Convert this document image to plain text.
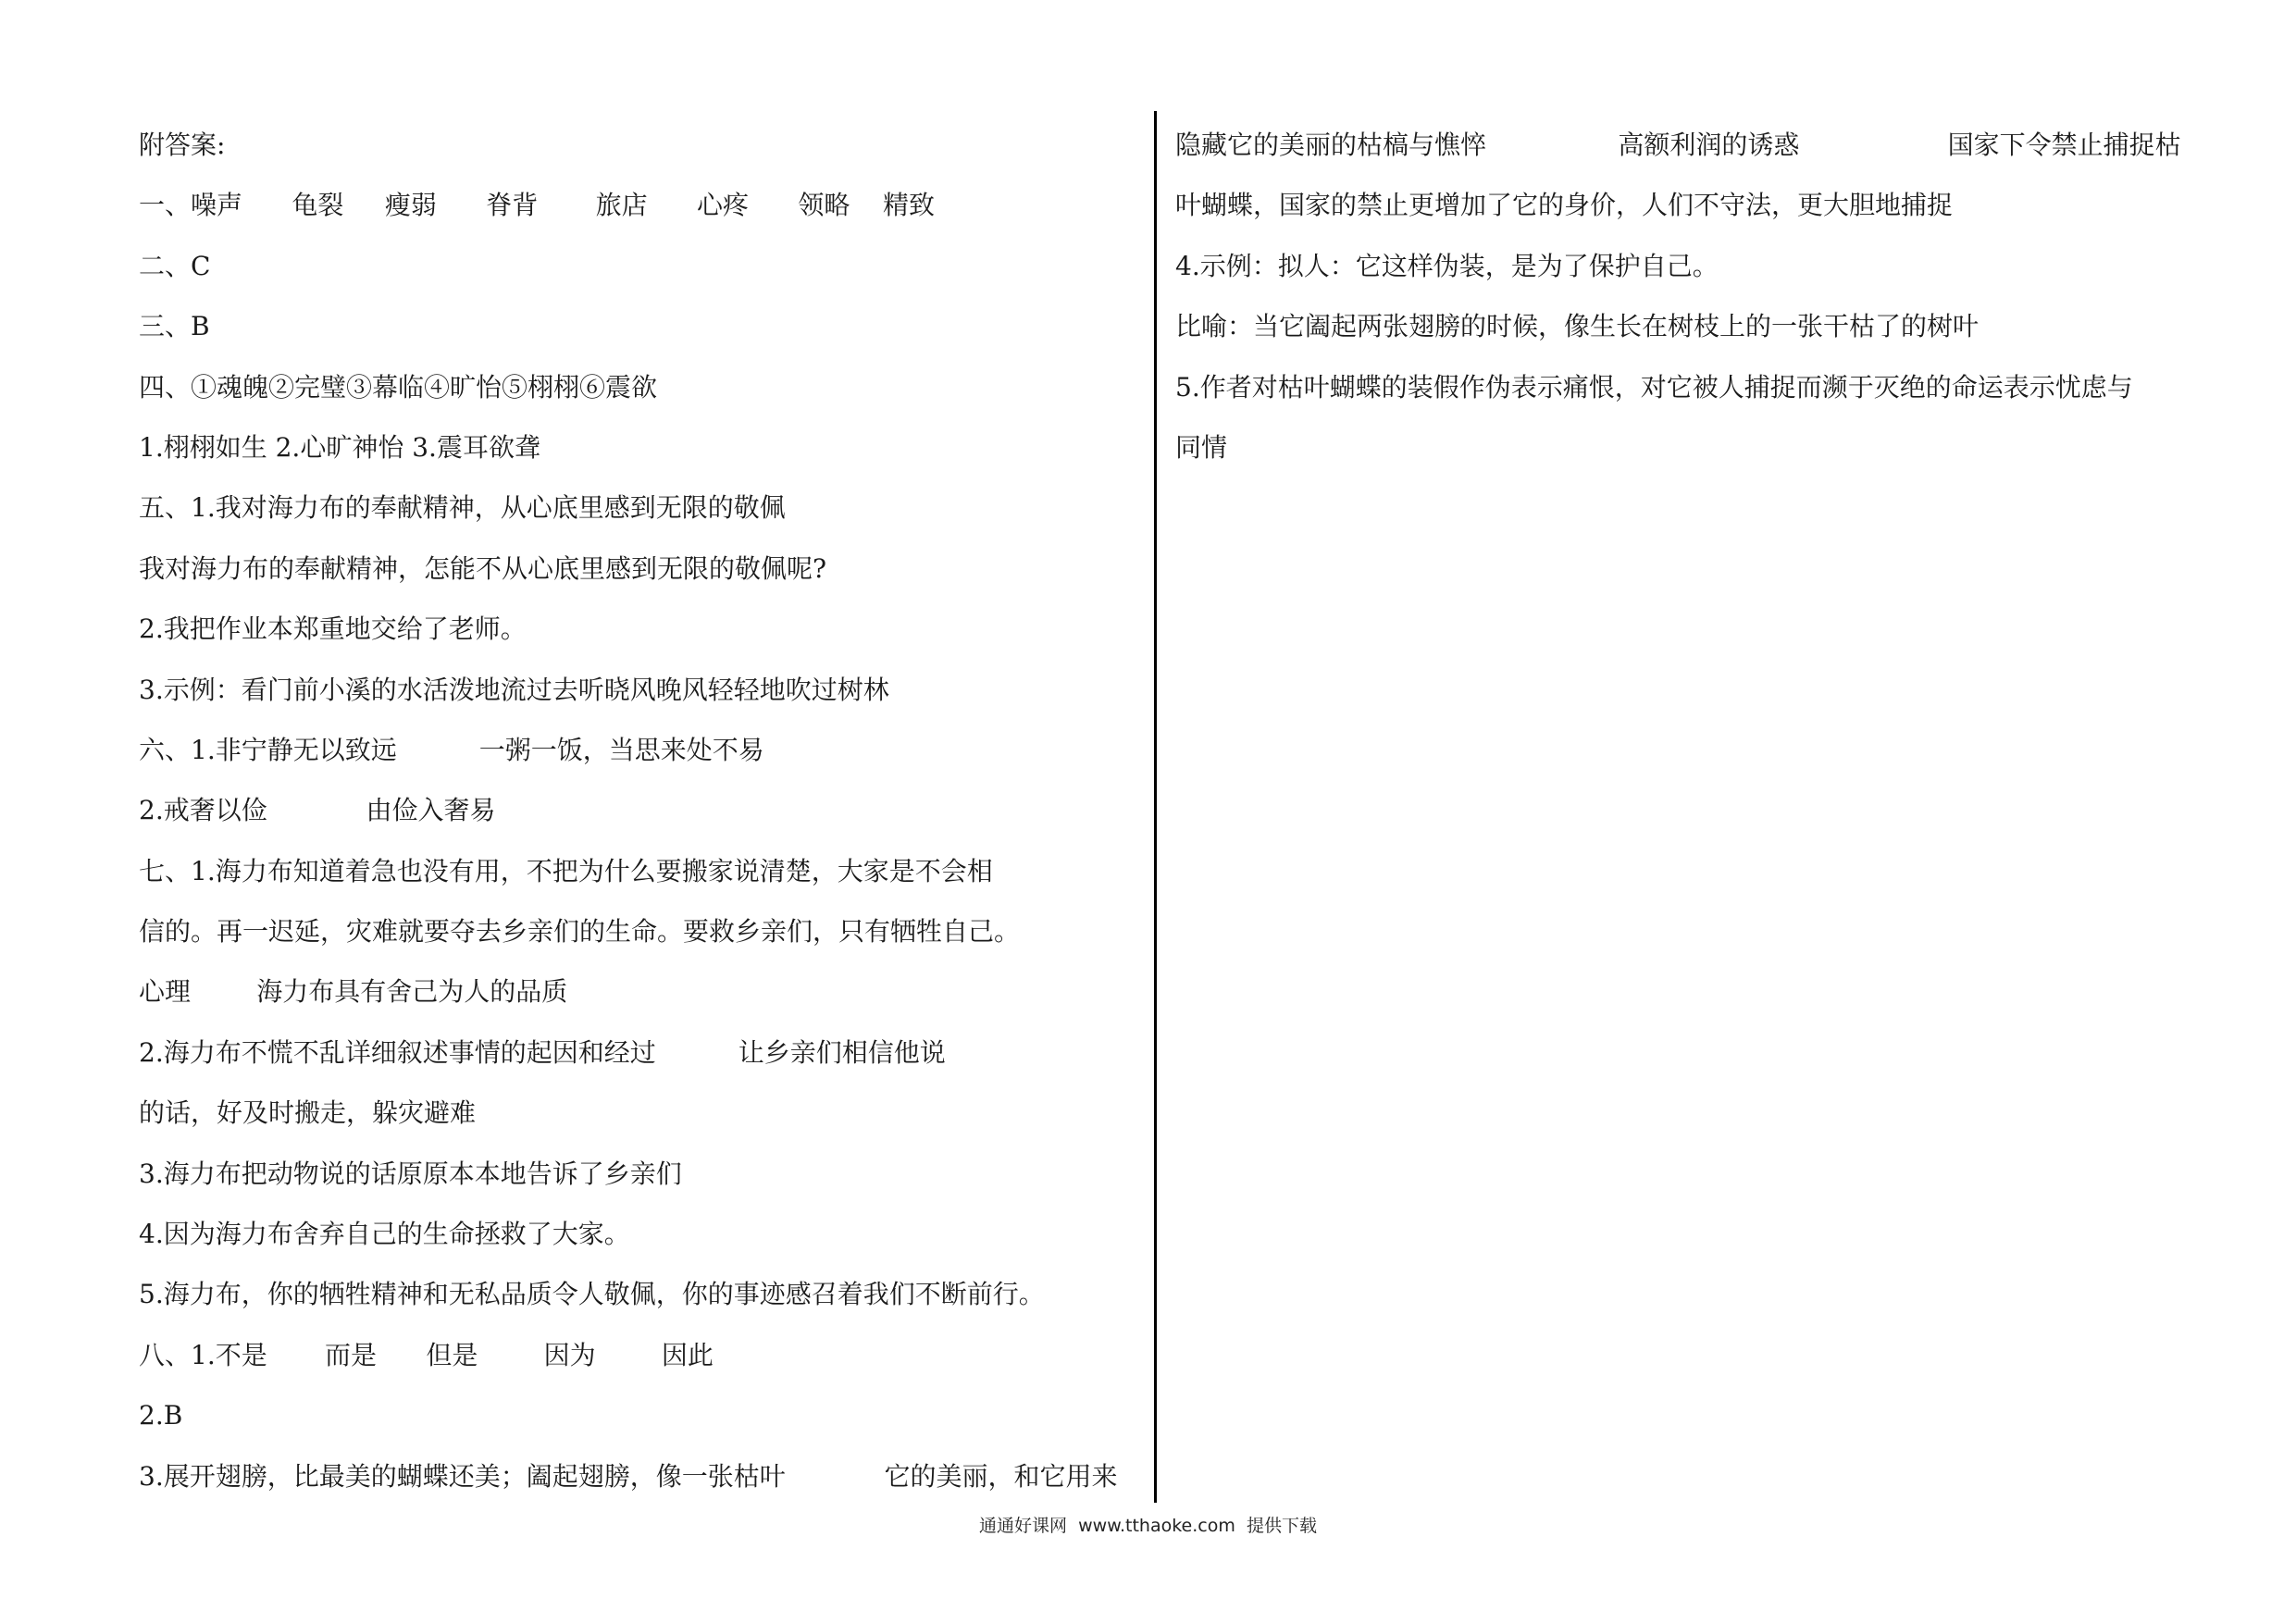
附答案:
一、噪声      龟裂     瘦弱      脊背       旅店      心疼      领略    精致
二、C
三、B
四、①魂魄②完璧③幕临④旷怡⑤栩栩⑥震欲
1.栩栩如生 2.心旷神怡 3.震耳欲聋
五、1.我对海力布的奉献精神，从心底里感到无限的敬佩
我对海力布的奉献精神，怎能不从心底里感到无限的敬佩呢?
2.我把作业本郑重地交给了老师。
3.示例：看门前小溪的水活泼地流过去听晓风晚风轻轻地吹过树林
六、1.非宁静无以致远          一粥一饭，当思来处不易
2.戒奢以俭            由俭入奢易
七、1.海力布知道着急也没有用，不把为什么要搬家说清楚，大家是不会相
信的。再一迟延，灾难就要夺去乡亲们的生命。要救乡亲们，只有牺牲自己。
心理        海力布具有舍己为人的品质
2.海力布不慌不乱详细叙述事情的起因和经过          让乡亲们相信他说
的话，好及时搬走，躲灾避难
3.海力布把动物说的话原原本本地告诉了乡亲们
4.因为海力布舍弃自己的生命拯救了大家。
5.海力布，你的牺牲精神和无私品质令人敬佩，你的事迹感召着我们不断前行。
八、1.不是       而是      但是        因为        因此
2.B
3.展开翅膀，比最美的蝴蝶还美；阖起翅膀，像一张枯叶            它的美丽，和它用来
隐藏它的美丽的枯槁与憔悴                高额利润的诱惑                  国家下令禁止捕捉枯
叶蝴蝶，国家的禁止更增加了它的身价，人们不守法，更大胆地捕捉
4.示例：拟人：它这样伪装，是为了保护自己。
比喻：当它阖起两张翅膀的时候，像生长在树枝上的一张干枯了的树叶
5.作者对枯叶蝴蝶的装假作伪表示痛恨，对它被人捕捉而濒于灭绝的命运表示忧虑与
同情
通通好课网  www.tthaoke.com  提供下载
